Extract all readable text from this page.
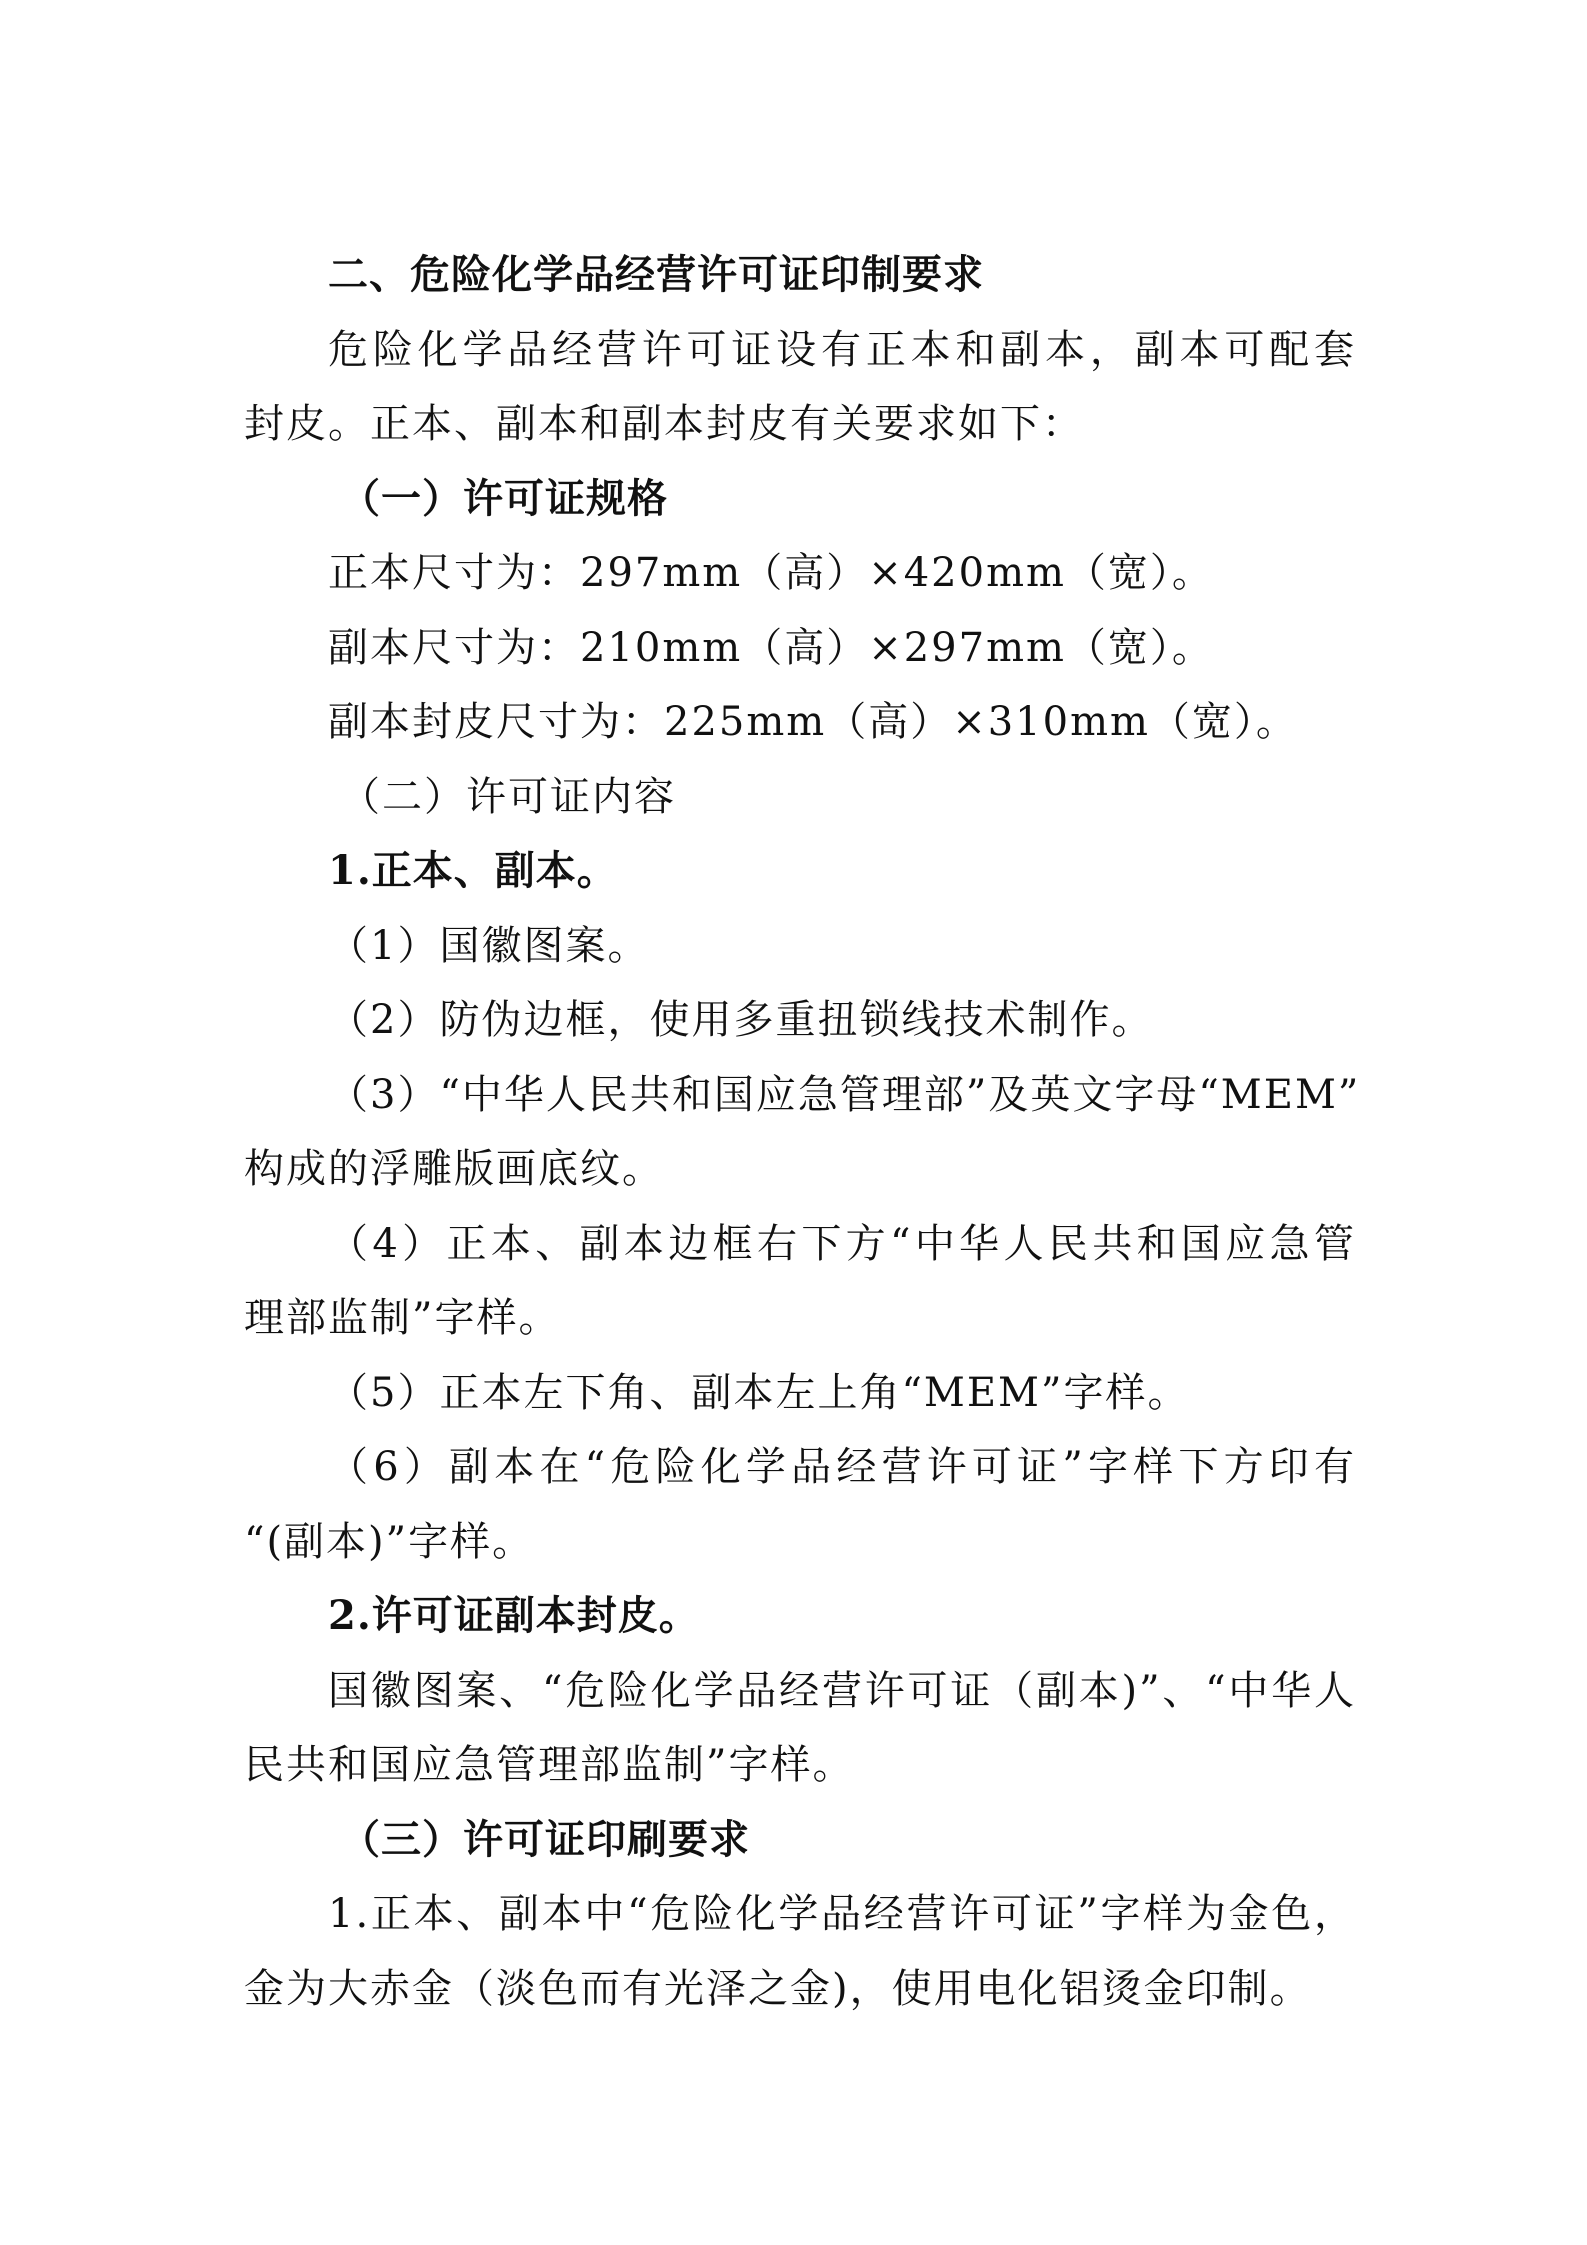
二、危险化学品经营许可证印制要求
危险化学品经营许可证设有正本和副本，副本可配套
封皮。正本、副本和副本封皮有关要求如下：
（一）许可证规格
正本尺寸为：297mm（高）×420mm（宽）。
副本尺寸为：210mm（高）×297mm（宽）。
副本封皮尺寸为：225mm（高）×310mm（宽）。
（二）许可证内容
1.正本、副本。
（1）国徽图案。
（2）防伪边框，使用多重扭锁线技术制作。
（3）“中华人民共和国应急管理部”及英文字母“MEM”
构成的浮雕版画底纹。
（4）正本、副本边框右下方“中华人民共和国应急管
理部监制”字样。
（5）正本左下角、副本左上角“MEM”字样。
（6）副本在“危险化学品经营许可证”字样下方印有
“(副本)”字样。
2.许可证副本封皮。
国徽图案、“危险化学品经营许可证（副本)”、“中华人
民共和国应急管理部监制”字样。
（三）许可证印刷要求
1.正本、副本中“危险化学品经营许可证”字样为金色，
金为大赤金（淡色而有光泽之金)，使用电化铝烫金印制。
